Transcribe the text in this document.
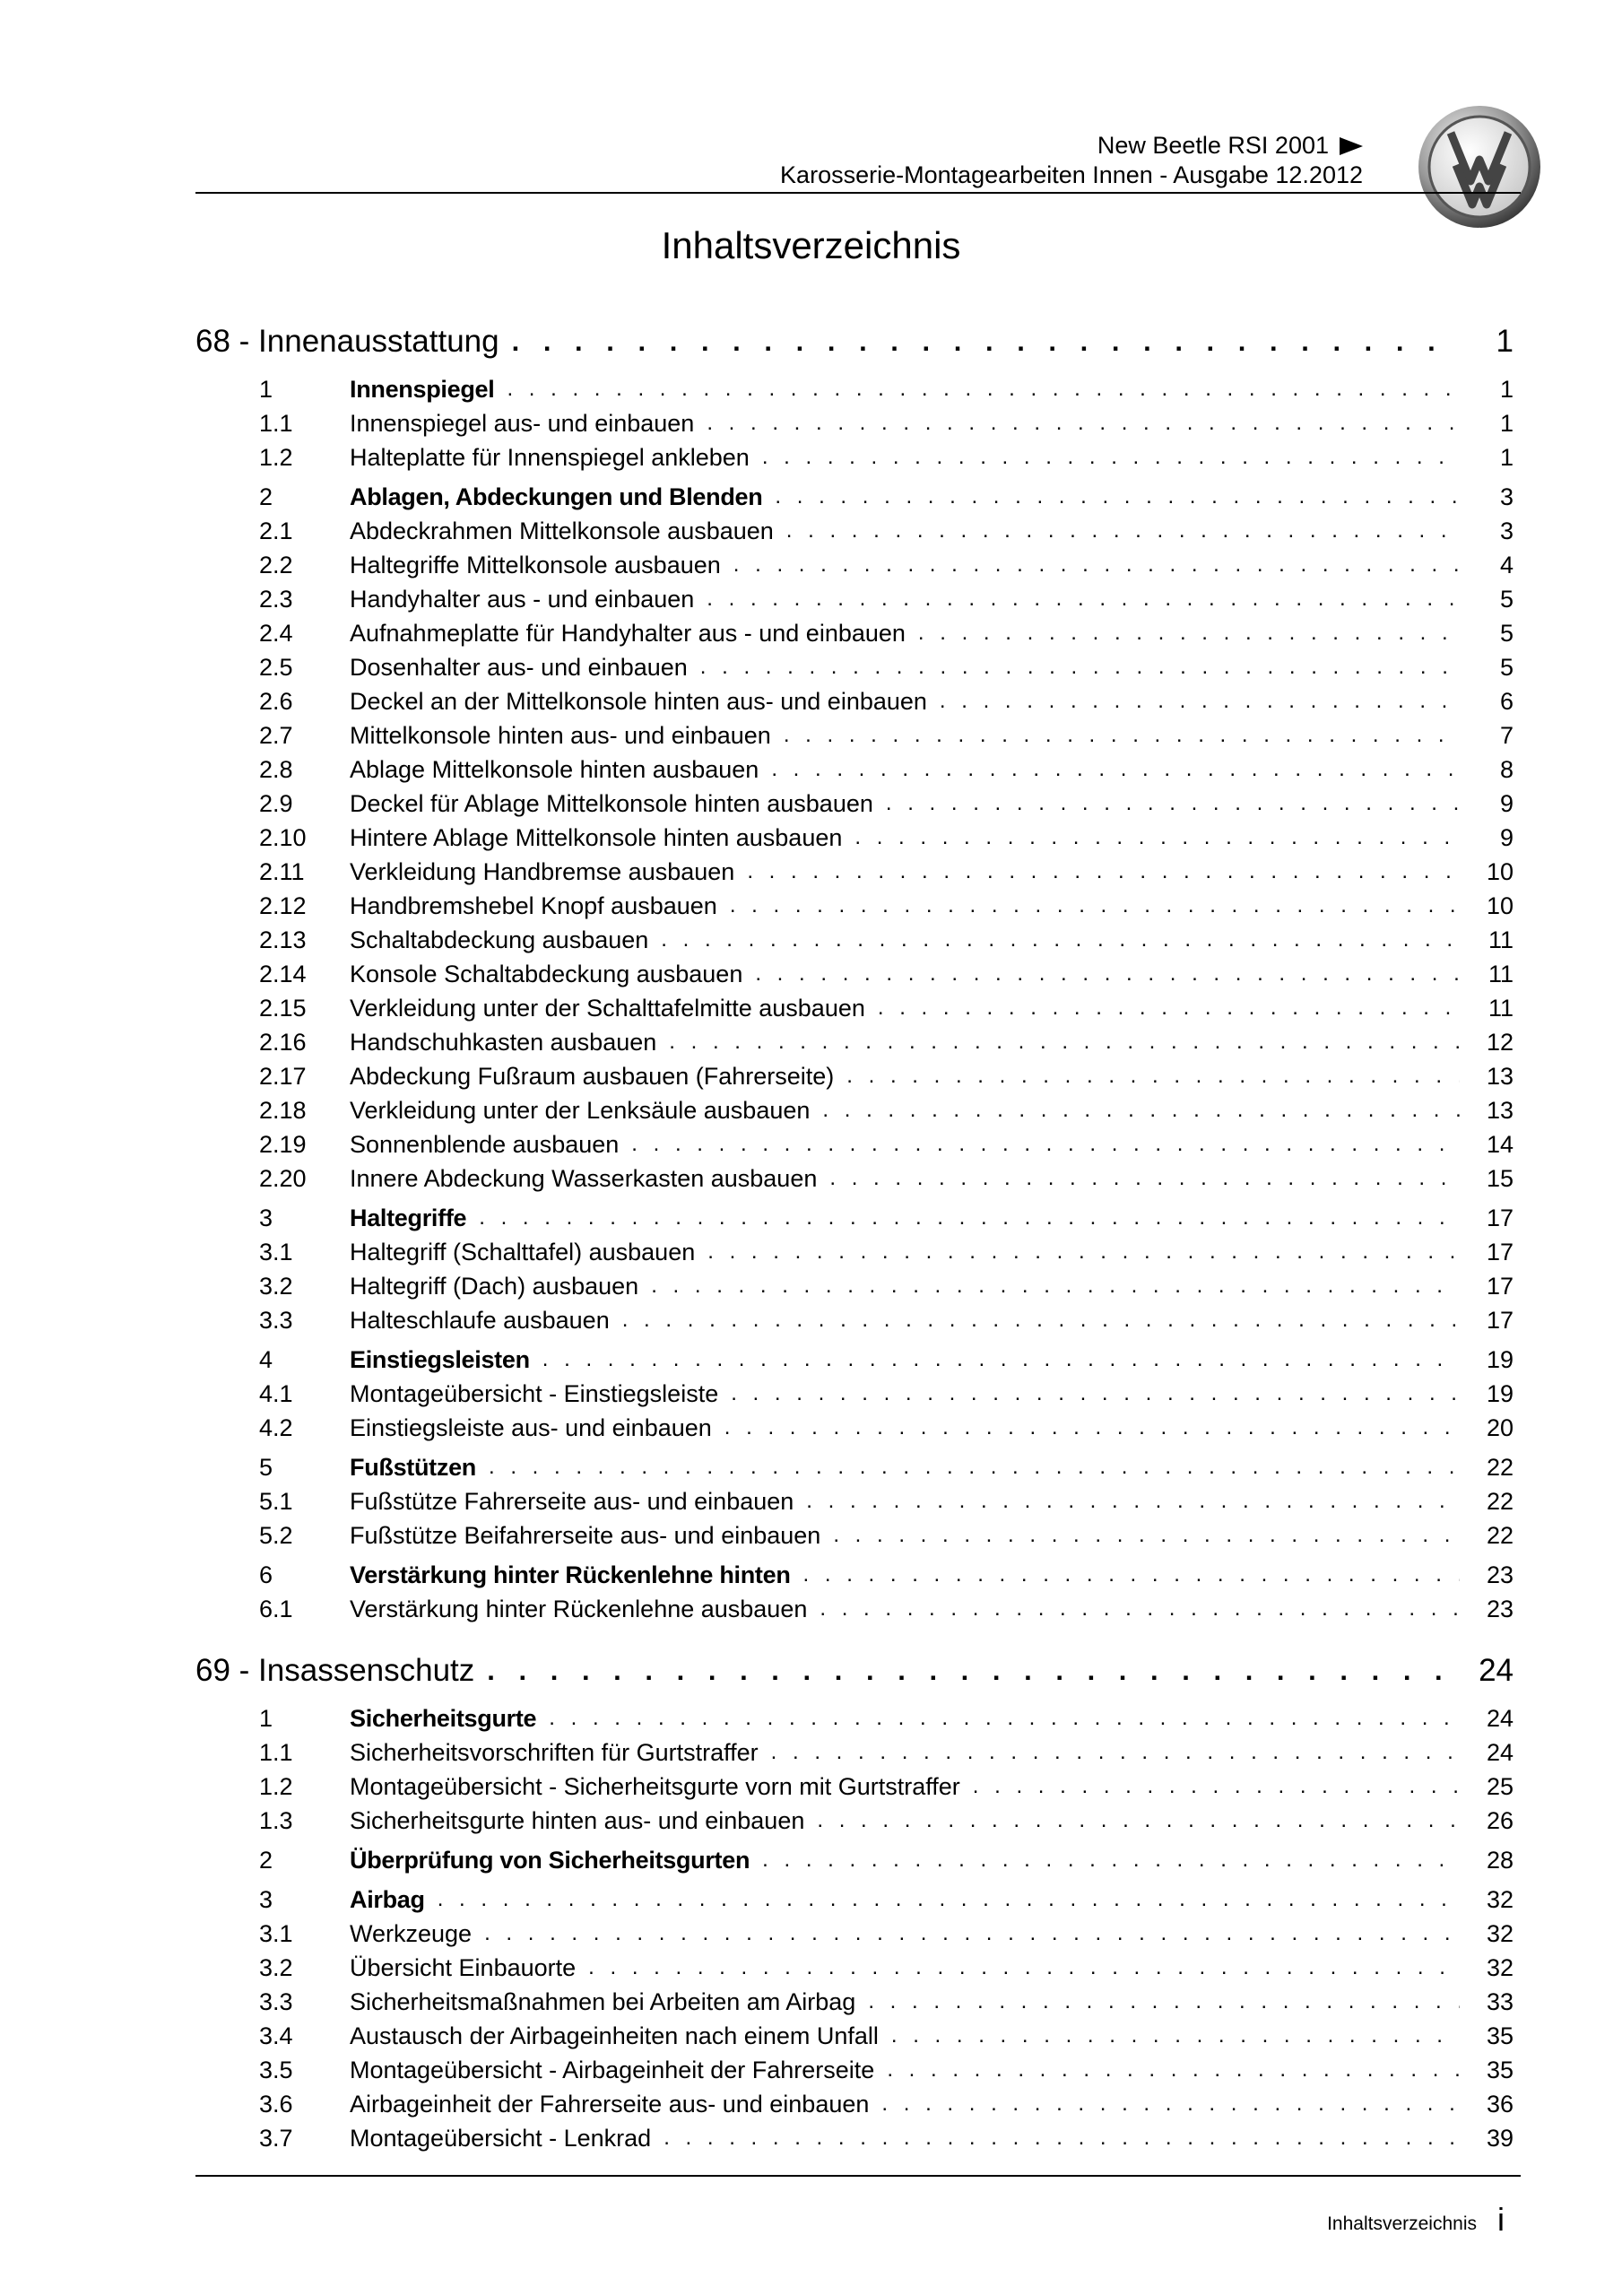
New Beetle RSI 2001
Karosserie-Montagearbeiten Innen - Ausgabe 12.2012
VW
Inhaltsverzeichnis
68 - Innenausstattung . . .	1
1	Innenspiegel . . .	1
1.1	Innenspiegel aus- und einbauen . . .	1
1.2	Halteplatte für Innenspiegel ankleben . . .	1
2	Ablagen, Abdeckungen und Blenden . . .	3
2.1	Abdeckrahmen Mittelkonsole ausbauen . . .	3
2.2	Haltegriffe Mittelkonsole ausbauen . . .	4
2.3	Handyhalter aus - und einbauen . . .	5
2.4	Aufnahmeplatte für Handyhalter aus - und einbauen . . .	5
2.5	Dosenhalter aus- und einbauen . . .	5
2.6	Deckel an der Mittelkonsole hinten aus- und einbauen . . .	6
2.7	Mittelkonsole hinten aus- und einbauen . . .	7
2.8	Ablage Mittelkonsole hinten ausbauen . . .	8
2.9	Deckel für Ablage Mittelkonsole hinten ausbauen . . .	9
2.10	Hintere Ablage Mittelkonsole hinten ausbauen . . .	9
2.11	Verkleidung Handbremse ausbauen . . .	10
2.12	Handbremshebel Knopf ausbauen . . .	10
2.13	Schaltabdeckung ausbauen . . .	11
2.14	Konsole Schaltabdeckung ausbauen . . .	11
2.15	Verkleidung unter der Schalttafelmitte ausbauen . . .	11
2.16	Handschuhkasten ausbauen . . .	12
2.17	Abdeckung Fußraum ausbauen (Fahrerseite) . . .	13
2.18	Verkleidung unter der Lenksäule ausbauen . . .	13
2.19	Sonnenblende ausbauen . . .	14
2.20	Innere Abdeckung Wasserkasten ausbauen . . .	15
3	Haltegriffe . . .	17
3.1	Haltegriff (Schalttafel) ausbauen . . .	17
3.2	Haltegriff (Dach) ausbauen . . .	17
3.3	Halteschlaufe ausbauen . . .	17
4	Einstiegsleisten . . .	19
4.1	Montageübersicht - Einstiegsleiste . . .	19
4.2	Einstiegsleiste aus- und einbauen . . .	20
5	Fußstützen . . .	22
5.1	Fußstütze Fahrerseite aus- und einbauen . . .	22
5.2	Fußstütze Beifahrerseite aus- und einbauen . . .	22
6	Verstärkung hinter Rückenlehne hinten . . .	23
6.1	Verstärkung hinter Rückenlehne ausbauen . . .	23
69 - Insassenschutz . . .	24
1	Sicherheitsgurte . . .	24
1.1	Sicherheitsvorschriften für Gurtstraffer . . .	24
1.2	Montageübersicht - Sicherheitsgurte vorn mit Gurtstraffer . . .	25
1.3	Sicherheitsgurte hinten aus- und einbauen . . .	26
2	Überprüfung von Sicherheitsgurten . . .	28
3	Airbag . . .	32
3.1	Werkzeuge . . .	32
3.2	Übersicht Einbauorte . . .	32
3.3	Sicherheitsmaßnahmen bei Arbeiten am Airbag . . .	33
3.4	Austausch der Airbageinheiten nach einem Unfall . . .	35
3.5	Montageübersicht - Airbageinheit der Fahrerseite . . .	35
3.6	Airbageinheit der Fahrerseite aus- und einbauen . . .	36
3.7	Montageübersicht - Lenkrad . . .	39
Inhaltsverzeichnis i
